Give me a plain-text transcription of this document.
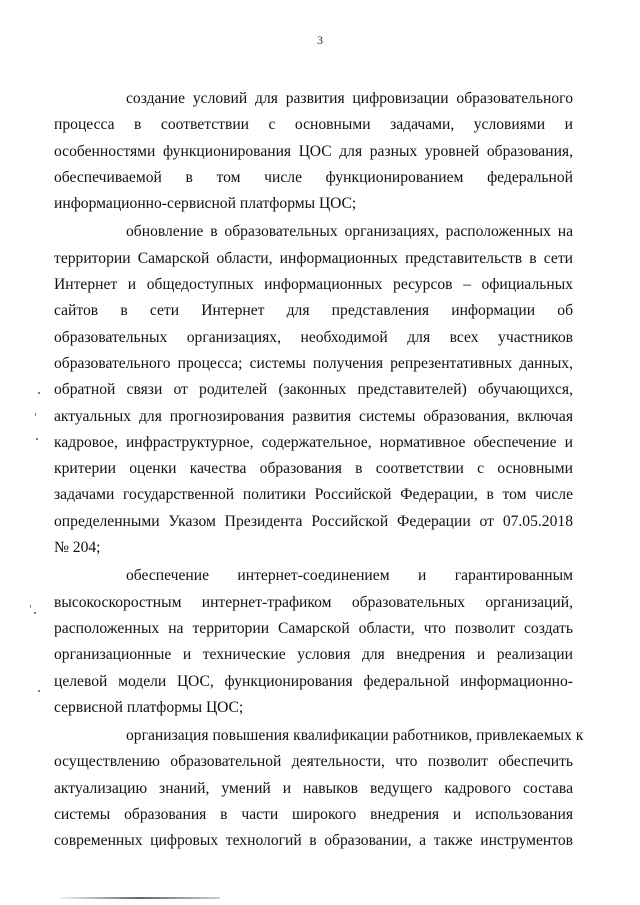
3

создание условий для развития цифровизации образовательного
процесса в соответствии с основными задачами, условиями и
особенностями функционирования ЦОС для разных уровней образования,
обеспечиваемой в том числе функционированием федеральной
информационно-сервисной платформы ЦОС;

обновление в образовательных организациях, расположенных на
территории Самарской области, информационных представительств в сети
Интернет и общедоступных информационных ресурсов – официальных
сайтов в сети Интернет для представления информации об
образовательных организациях, необходимой для всех участников
образовательного процесса; системы получения репрезентативных данных,
обратной связи от родителей (законных представителей) обучающихся,
актуальных для прогнозирования развития системы образования, включая
кадровое, инфраструктурное, содержательное, нормативное обеспечение и
критерии оценки качества образования в соответствии с основными
задачами государственной политики Российской Федерации, в том числе
определенными Указом Президента Российской Федерации от 07.05.2018
№ 204;

обеспечение интернет-соединением и гарантированным
высокоскоростным интернет-трафиком образовательных организаций,
расположенных на территории Самарской области, что позволит создать
организационные и технические условия для внедрения и реализации
целевой модели ЦОС, функционирования федеральной информационно-
сервисной платформы ЦОС;

организация повышения квалификации работников, привлекаемых к
осуществлению образовательной деятельности, что позволит обеспечить
актуализацию знаний, умений и навыков ведущего кадрового состава
системы образования в части широкого внедрения и использования
современных цифровых технологий в образовании, а также инструментов
